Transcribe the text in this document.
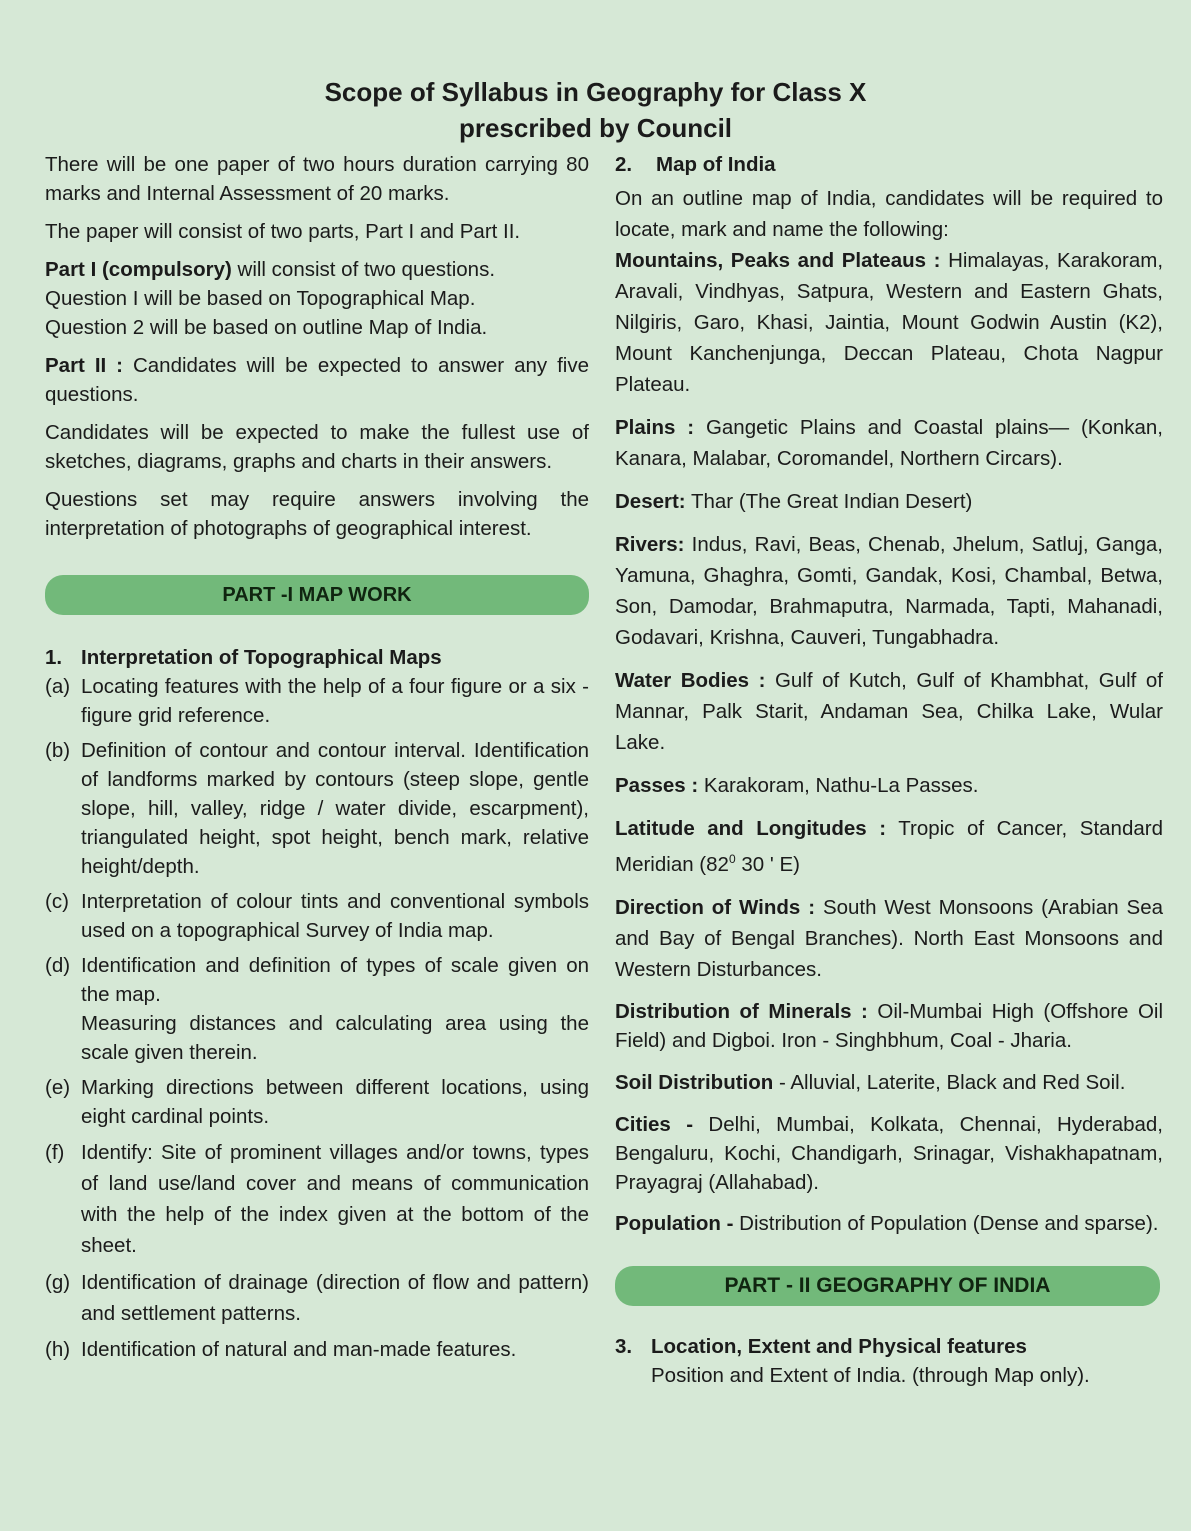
Scope of Syllabus in Geography for Class X
prescribed by Council

There will be one paper of two hours duration carrying 80 marks and Internal Assessment of 20 marks.

The paper will consist of two parts, Part I and Part II.

Part I (compulsory) will consist of two questions.
Question I will be based on Topographical Map.
Question 2 will be based on outline Map of India.

Part II : Candidates will be expected to answer any five questions.

Candidates will be expected to make the fullest use of sketches, diagrams, graphs and charts in their answers.

Questions set may require answers involving the interpretation of photographs of geographical interest.

PART -I MAP WORK
1. Interpretation of Topographical Maps
(a) Locating features with the help of a four figure or a six - figure grid reference.
(b) Definition of contour and contour interval. Identification of landforms marked by contours (steep slope, gentle slope, hill, valley, ridge / water divide, escarpment), triangulated height, spot height, bench mark, relative height/depth.
(c) Interpretation of colour tints and conventional symbols used on a topographical Survey of India map.
(d) Identification and definition of types of scale given on the map.
Measuring distances and calculating area using the scale given therein.
(e) Marking directions between different locations, using eight cardinal points.
(f) Identify: Site of prominent villages and/or towns, types of land use/land cover and means of communication with the help of the index given at the bottom of the sheet.
(g) Identification of drainage (direction of flow and pattern) and settlement patterns.
(h) Identification of natural and man-made features.
2.	Map of India

On an outline map of India, candidates will be required to locate, mark and name the following:

Mountains, Peaks and Plateaus : Himalayas, Karakoram, Aravali, Vindhyas, Satpura, Western and Eastern Ghats, Nilgiris, Garo, Khasi, Jaintia, Mount Godwin Austin (K2), Mount Kanchenjunga, Deccan Plateau, Chota Nagpur Plateau.

Plains : Gangetic Plains and Coastal plains— (Konkan, Kanara, Malabar, Coromandel, Northern Circars).

Desert: Thar (The Great Indian Desert)

Rivers: Indus, Ravi, Beas, Chenab, Jhelum, Satluj, Ganga, Yamuna, Ghaghra, Gomti, Gandak, Kosi, Chambal, Betwa, Son, Damodar, Brahmaputra, Narmada, Tapti, Mahanadi, Godavari, Krishna, Cauveri, Tungabhadra.

Water Bodies : Gulf of Kutch, Gulf of Khambhat, Gulf of Mannar, Palk Starit, Andaman Sea, Chilka Lake, Wular Lake.

Passes : Karakoram, Nathu-La Passes.

Latitude and Longitudes : Tropic of Cancer, Standard Meridian ($82^0$ 30 ' E)

Direction of Winds : South West Monsoons (Arabian Sea and Bay of Bengal Branches). North East Monsoons and Western Disturbances.

Distribution of Minerals : Oil-Mumbai High (Offshore Oil Field) and Digboi. Iron - Singhbhum, Coal - Jharia.

Soil Distribution - Alluvial, Laterite, Black and Red Soil.

Cities - Delhi, Mumbai, Kolkata, Chennai, Hyderabad, Bengaluru, Kochi, Chandigarh, Srinagar, Vishakhapatnam, Prayagraj (Allahabad).

Population - Distribution of Population (Dense and sparse).

PART - II GEOGRAPHY OF INDIA
3. Location, Extent and Physical features
Position and Extent of India. (through Map only).
